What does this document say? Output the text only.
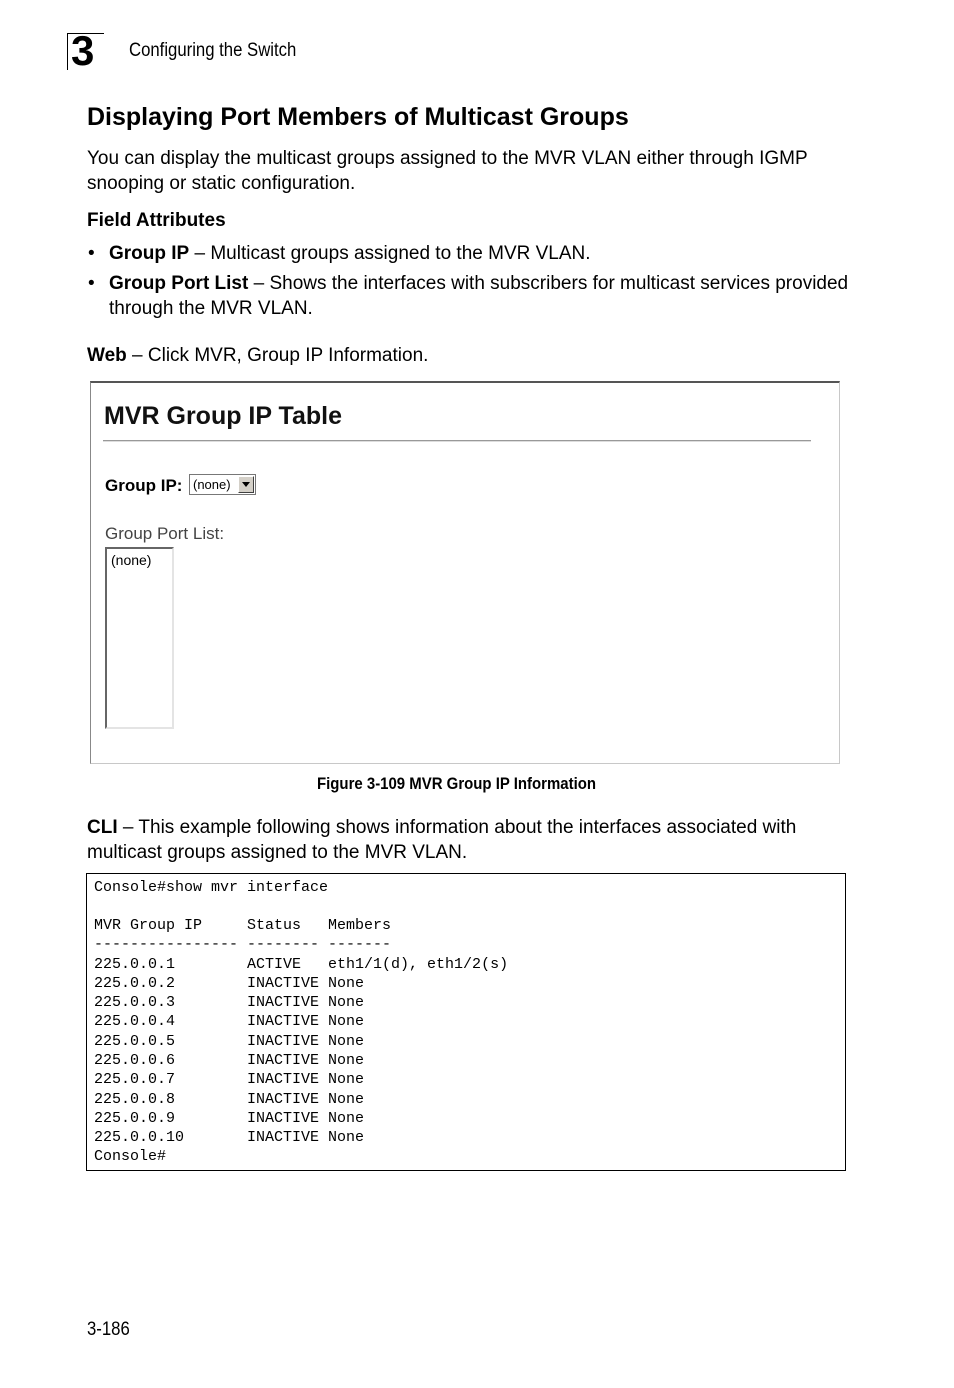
3 Configuring the Switch
Displaying Port Members of Multicast Groups
You can display the multicast groups assigned to the MVR VLAN either through IGMP snooping or static configuration.
Field Attributes
• Group IP – Multicast groups assigned to the MVR VLAN.
• Group Port List – Shows the interfaces with subscribers for multicast services provided through the MVR VLAN.
Web – Click MVR, Group IP Information.
MVR Group IP Table
Group IP: (none)
Group Port List:
(none)
Figure 3-109 MVR Group IP Information
CLI – This example following shows information about the interfaces associated with multicast groups assigned to the MVR VLAN.
Console#show mvr interface
MVR Group IP     Status   Members
---------------- -------- -------
225.0.0.1        ACTIVE   eth1/1(d), eth1/2(s)
225.0.0.2        INACTIVE None
225.0.0.3        INACTIVE None
225.0.0.4        INACTIVE None
225.0.0.5        INACTIVE None
225.0.0.6        INACTIVE None
225.0.0.7        INACTIVE None
225.0.0.8        INACTIVE None
225.0.0.9        INACTIVE None
225.0.0.10       INACTIVE None
Console#
3-186
